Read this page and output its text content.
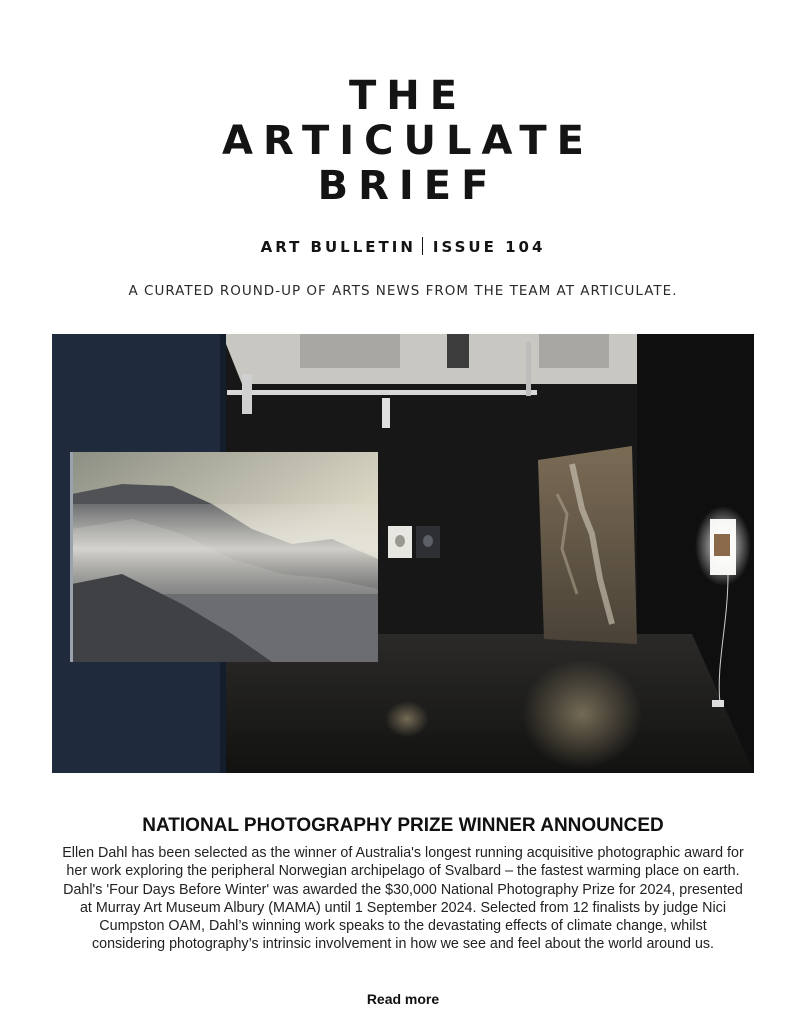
THE
ARTICULATE
BRIEF
ART BULLETIN ISSUE 104
A CURATED ROUND-UP OF ARTS NEWS FROM THE TEAM AT ARTICULATE.
NATIONAL PHOTOGRAPHY PRIZE WINNER ANNOUNCED

Ellen Dahl has been selected as the winner of Australia's longest running acquisitive photographic award for her work exploring the peripheral Norwegian archipelago of Svalbard – the fastest warming place on earth. Dahl's 'Four Days Before Winter' was awarded the $30,000 National Photography Prize for 2024, presented at Murray Art Museum Albury (MAMA) until 1 September 2024. Selected from 12 finalists by judge Nici Cumpston OAM, Dahl’s winning work speaks to the devastating effects of climate change, whilst considering photography’s intrinsic involvement in how we see and feel about the world around us.

Read more
